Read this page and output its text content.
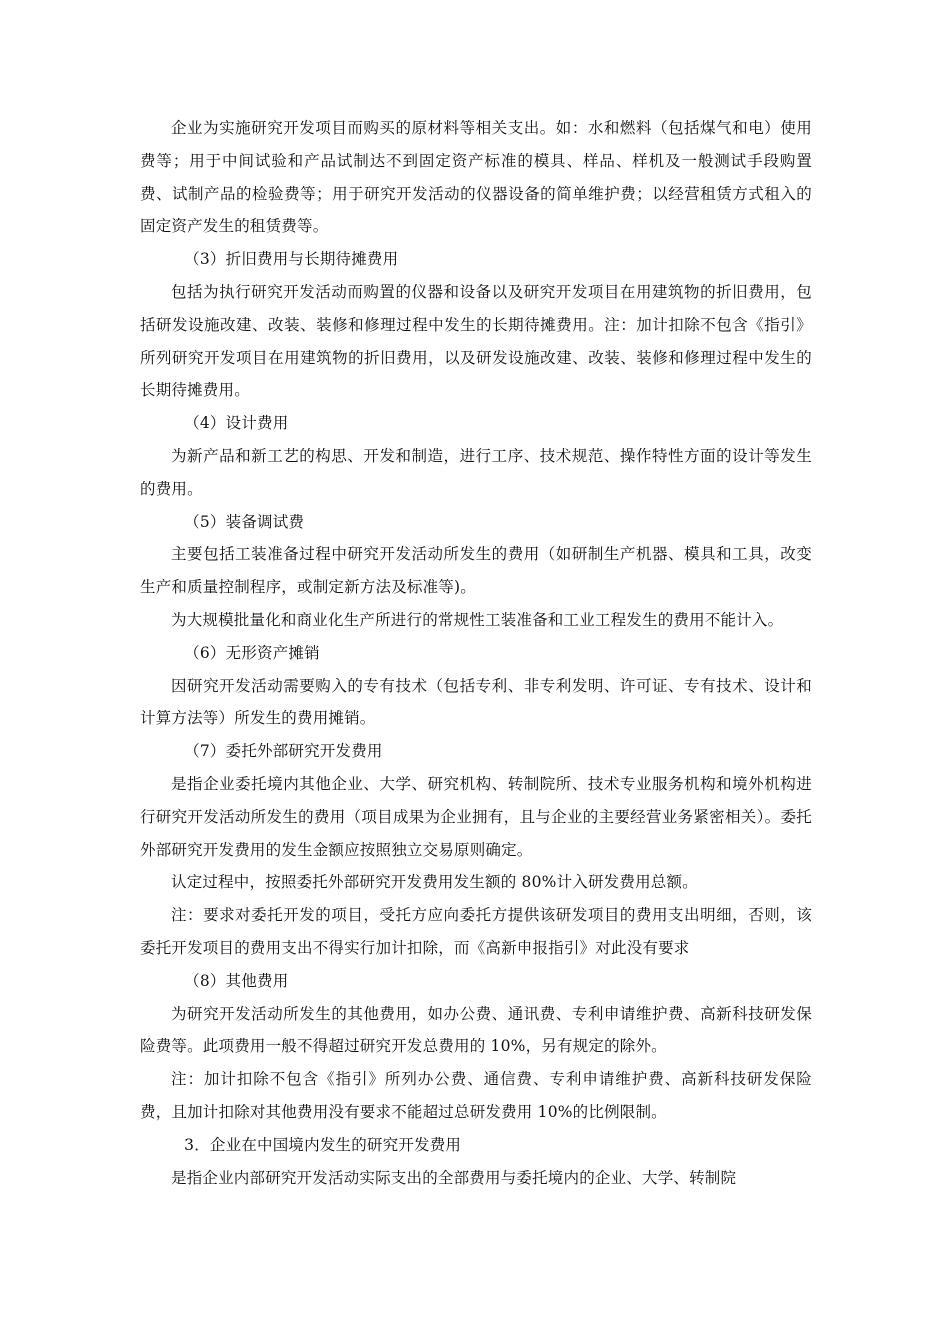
企业为实施研究开发项目而购买的原材料等相关支出。如：水和燃料（包括煤气和电）使用费等；用于中间试验和产品试制达不到固定资产标准的模具、样品、样机及一般测试手段购置费、试制产品的检验费等；用于研究开发活动的仪器设备的简单维护费；以经营租赁方式租入的固定资产发生的租赁费等。

（3）折旧费用与长期待摊费用

包括为执行研究开发活动而购置的仪器和设备以及研究开发项目在用建筑物的折旧费用，包括研发设施改建、改装、装修和修理过程中发生的长期待摊费用。注：加计扣除不包含《指引》所列研究开发项目在用建筑物的折旧费用，以及研发设施改建、改装、装修和修理过程中发生的长期待摊费用。

（4）设计费用

为新产品和新工艺的构思、开发和制造，进行工序、技术规范、操作特性方面的设计等发生的费用。

（5）装备调试费

主要包括工装准备过程中研究开发活动所发生的费用（如研制生产机器、模具和工具，改变生产和质量控制程序，或制定新方法及标准等)。

为大规模批量化和商业化生产所进行的常规性工装准备和工业工程发生的费用不能计入。

（6）无形资产摊销

因研究开发活动需要购入的专有技术（包括专利、非专利发明、许可证、专有技术、设计和计算方法等）所发生的费用摊销。

（7）委托外部研究开发费用

是指企业委托境内其他企业、大学、研究机构、转制院所、技术专业服务机构和境外机构进行研究开发活动所发生的费用（项目成果为企业拥有，且与企业的主要经营业务紧密相关）。委托外部研究开发费用的发生金额应按照独立交易原则确定。

认定过程中，按照委托外部研究开发费用发生额的 80%计入研发费用总额。

注：要求对委托开发的项目，受托方应向委托方提供该研发项目的费用支出明细，否则，该委托开发项目的费用支出不得实行加计扣除，而《高新申报指引》对此没有要求

（8）其他费用

为研究开发活动所发生的其他费用，如办公费、通讯费、专利申请维护费、高新科技研发保险费等。此项费用一般不得超过研究开发总费用的 10%，另有规定的除外。

注：加计扣除不包含《指引》所列办公费、通信费、专利申请维护费、高新科技研发保险费，且加计扣除对其他费用没有要求不能超过总研发费用 10%的比例限制。

3．企业在中国境内发生的研究开发费用

是指企业内部研究开发活动实际支出的全部费用与委托境内的企业、大学、转制院
